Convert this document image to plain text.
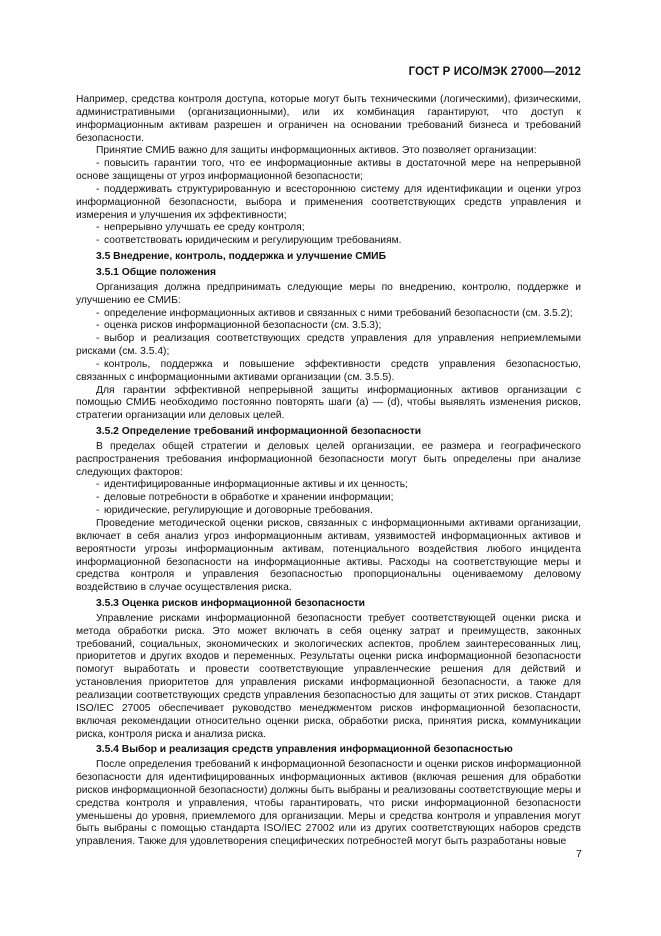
ГОСТ Р ИСО/МЭК 27000—2012

Например, средства контроля доступа, которые могут быть техническими (логическими), физическими, административными (организационными), или их комбинация гарантируют, что доступ к информационным активам разрешен и ограничен на основании требований бизнеса и требований безопасности.

Принятие СМИБ важно для защиты информационных активов. Это позволяет организации:

- повысить гарантии того, что ее информационные активы в достаточной мере на непрерывной основе защищены от угроз информационной безопасности;

- поддерживать структурированную и всестороннюю систему для идентификации и оценки угроз информационной безопасности, выбора и применения соответствующих средств управления и измерения и улучшения их эффективности;

- непрерывно улучшать ее среду контроля;

- соответствовать юридическим и регулирующим требованиям.

3.5 Внедрение, контроль, поддержка и улучшение СМИБ

3.5.1 Общие положения

Организация должна предпринимать следующие меры по внедрению, контролю, поддержке и улучшению ее СМИБ:

- определение информационных активов и связанных с ними требований безопасности (см. 3.5.2);

- оценка рисков информационной безопасности (см. 3.5.3);

- выбор и реализация соответствующих средств управления для управления неприемлемыми рисками (см. 3.5.4);

- контроль, поддержка и повышение эффективности средств управления безопасностью, связанных с информационными активами организации (см. 3.5.5).

Для гарантии эффективной непрерывной защиты информационных активов организации с помощью СМИБ необходимо постоянно повторять шаги (a) — (d), чтобы выявлять изменения рисков, стратегии организации или деловых целей.

3.5.2 Определение требований информационной безопасности

В пределах общей стратегии и деловых целей организации, ее размера и географического распространения требования информационной безопасности могут быть определены при анализе следующих факторов:

- идентифицированные информационные активы и их ценность;

- деловые потребности в обработке и хранении информации;

- юридические, регулирующие и договорные требования.

Проведение методической оценки рисков, связанных с информационными активами организации, включает в себя анализ угроз информационным активам, уязвимостей информационных активов и вероятности угрозы информационным активам, потенциального воздействия любого инцидента информационной безопасности на информационные активы. Расходы на соответствующие меры и средства контроля и управления безопасностью пропорциональны оцениваемому деловому воздействию в случае осуществления риска.

3.5.3 Оценка рисков информационной безопасности

Управление рисками информационной безопасности требует соответствующей оценки риска и метода обработки риска. Это может включать в себя оценку затрат и преимуществ, законных требований, социальных, экономических и экологических аспектов, проблем заинтересованных лиц, приоритетов и других входов и переменных. Результаты оценки риска информационной безопасности помогут выработать и провести соответствующие управленческие решения для действий и установления приоритетов для управления рисками информационной безопасности, а также для реализации соответствующих средств управления безопасностью для защиты от этих рисков. Стандарт ISO/IEC 27005 обеспечивает руководство менеджментом рисков информационной безопасности, включая рекомендации относительно оценки риска, обработки риска, принятия риска, коммуникации риска, контроля риска и анализа риска.

3.5.4 Выбор и реализация средств управления информационной безопасностью

После определения требований к информационной безопасности и оценки рисков информационной безопасности для идентифицированных информационных активов (включая решения для обработки рисков информационной безопасности) должны быть выбраны и реализованы соответствующие меры и средства контроля и управления, чтобы гарантировать, что риски информационной безопасности уменьшены до уровня, приемлемого для организации. Меры и средства контроля и управления могут быть выбраны с помощью стандарта ISO/IEC 27002 или из других соответствующих наборов средств управления. Также для удовлетворения специфических потребностей могут быть разработаны новые

7
